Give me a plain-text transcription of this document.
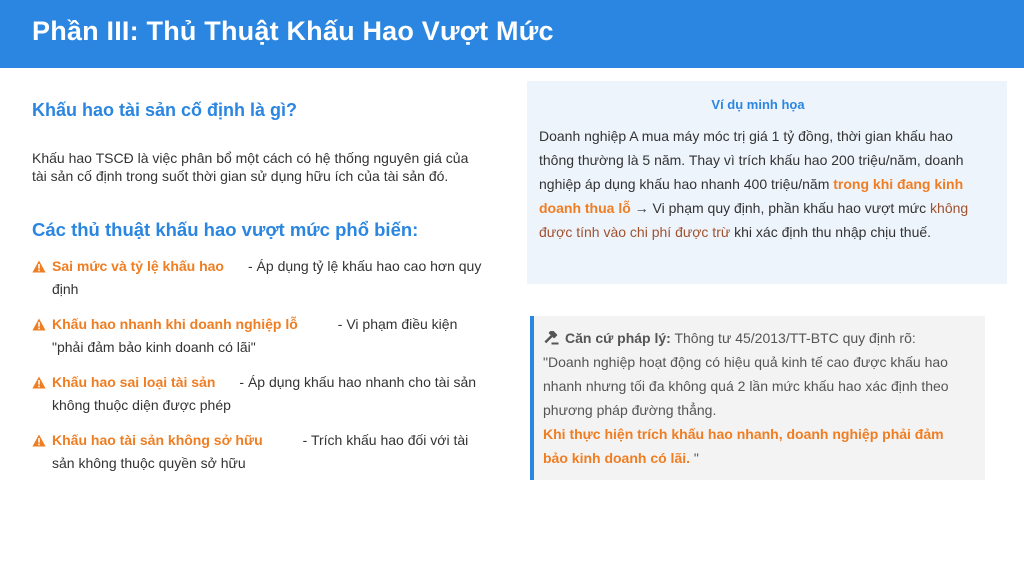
Phần III: Thủ Thuật Khấu Hao Vượt Mức
Khấu hao tài sản cố định là gì?

Khấu hao TSCĐ là việc phân bổ một cách có hệ thống nguyên giá của tài sản cố định trong suốt thời gian sử dụng hữu ích của tài sản đó.

Các thủ thuật khấu hao vượt mức phổ biến:
Sai mức và tỷ lệ khấu hao - Áp dụng tỷ lệ khấu hao cao hơn quy định
Khấu hao nhanh khi doanh nghiệp lỗ	- Vi phạm điều kiện "phải đảm bảo kinh doanh có lãi"
Khấu hao sai loại tài sản - Áp dụng khấu hao nhanh cho tài sản không thuộc diện được phép
Khấu hao tài sản không sở hữu	- Trích khấu hao đối với tài sản không thuộc quyền sở hữu
Ví dụ minh họa

Doanh nghiệp A mua máy móc trị giá 1 tỷ đồng, thời gian khấu hao thông thường là 5 năm. Thay vì trích khấu hao 200 triệu/năm, doanh nghiệp áp dụng khấu hao nhanh 400 triệu/năm trong khi đang kinh doanh thua lỗ → Vi phạm quy định, phần khấu hao vượt mức không được tính vào chi phí được trừ khi xác định thu nhập chịu thuế.

Căn cứ pháp lý: Thông tư 45/2013/TT-BTC quy định rõ: "Doanh nghiệp hoạt động có hiệu quả kinh tế cao được khấu hao nhanh nhưng tối đa không quá 2 lần mức khấu hao xác định theo phương pháp đường thẳng.
Khi thực hiện trích khấu hao nhanh, doanh nghiệp phải đảm bảo kinh doanh có lãi. "
